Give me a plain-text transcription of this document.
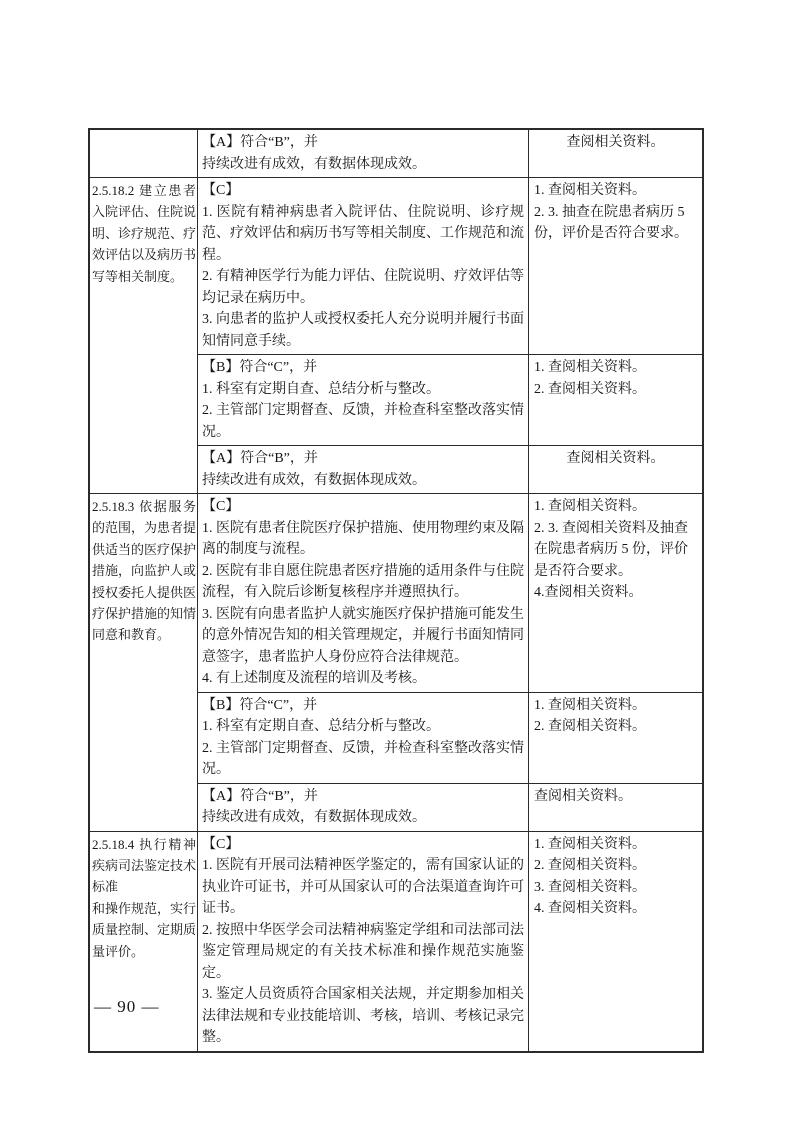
【A】符合“B”，并

持续改进有成效，有数据体现成效。

查阅相关资料。

2.5.18.2 建立患者入院评估、住院说明、诊疗规范、疗效评估以及病历书写等相关制度。

【C】

1. 医院有精神病患者入院评估、住院说明、诊疗规范、疗效评估和病历书写等相关制度、工作规范和流程。

2. 有精神医学行为能力评估、住院说明、疗效评估等均记录在病历中。

3. 向患者的监护人或授权委托人充分说明并履行书面知情同意手续。

1. 查阅相关资料。

2. 3. 抽查在院患者病历 5 份，评价是否符合要求。

【B】符合“C”，并

1. 科室有定期自查、总结分析与整改。

2. 主管部门定期督查、反馈，并检查科室整改落实情况。

1. 查阅相关资料。

2. 查阅相关资料。

【A】符合“B”，并

持续改进有成效，有数据体现成效。

查阅相关资料。

2.5.18.3 依据服务的范围，为患者提供适当的医疗保护措施，向监护人或授权委托人提供医疗保护措施的知情同意和教育。

【C】

1. 医院有患者住院医疗保护措施、使用物理约束及隔离的制度与流程。

2. 医院有非自愿住院患者医疗措施的适用条件与住院流程，有入院后诊断复核程序并遵照执行。

3. 医院有向患者监护人就实施医疗保护措施可能发生的意外情况告知的相关管理规定，并履行书面知情同意签字，患者监护人身份应符合法律规范。

4. 有上述制度及流程的培训及考核。

1. 查阅相关资料。

2. 3. 查阅相关资料及抽查在院患者病历 5 份，评价是否符合要求。

4.查阅相关资料。

【B】符合“C”，并

1. 科室有定期自查、总结分析与整改。

2. 主管部门定期督查、反馈，并检查科室整改落实情况。

1. 查阅相关资料。

2. 查阅相关资料。

【A】符合“B”，并

持续改进有成效，有数据体现成效。

查阅相关资料。

2.5.18.4 执行精神疾病司法鉴定技术标准

和操作规范，实行质量控制、定期质量评价。

【C】

1. 医院有开展司法精神医学鉴定的，需有国家认证的执业许可证书，并可从国家认可的合法渠道查询许可证书。

2. 按照中华医学会司法精神病鉴定学组和司法部司法鉴定管理局规定的有关技术标准和操作规范实施鉴定。

3. 鉴定人员资质符合国家相关法规，并定期参加相关法律法规和专业技能培训、考核，培训、考核记录完整。

1. 查阅相关资料。

2. 查阅相关资料。

3. 查阅相关资料。

4. 查阅相关资料。

— 90 —
